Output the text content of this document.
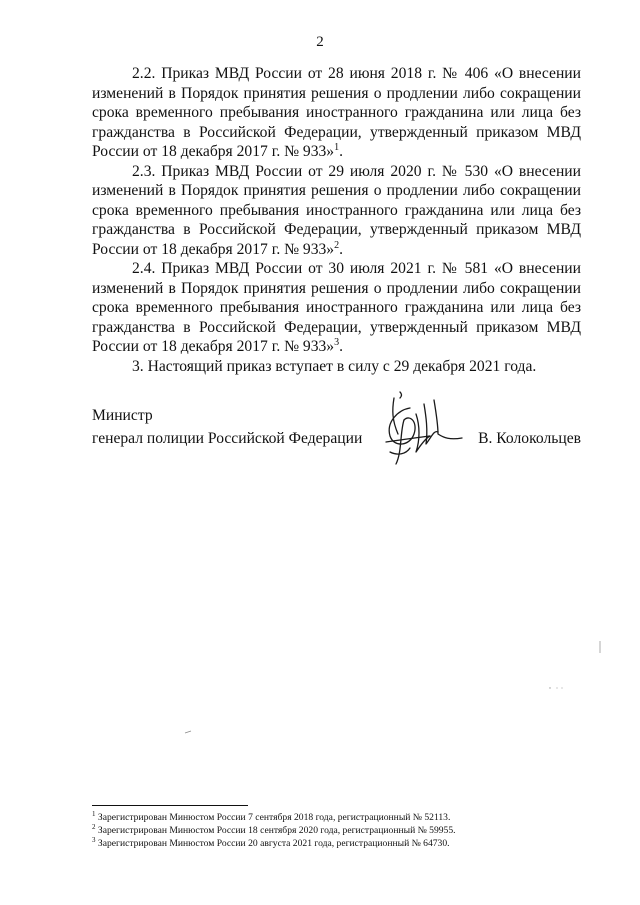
2

2.2. Приказ МВД России от 28 июня 2018 г. № 406 «О внесении изменений в Порядок принятия решения о продлении либо сокращении срока временного пребывания иностранного гражданина или лица без гражданства в Российской Федерации, утвержденный приказом МВД России от 18 декабря 2017 г. № 933»$^1$.

2.3. Приказ МВД России от 29 июля 2020 г. № 530 «О внесении изменений в Порядок принятия решения о продлении либо сокращении срока временного пребывания иностранного гражданина или лица без гражданства в Российской Федерации, утвержденный приказом МВД России от 18 декабря 2017 г. № 933»$^2$.

2.4. Приказ МВД России от 30 июля 2021 г. № 581 «О внесении изменений в Порядок принятия решения о продлении либо сокращении срока временного пребывания иностранного гражданина или лица без гражданства в Российской Федерации, утвержденный приказом МВД России от 18 декабря 2017 г. № 933»$^3$.

3. Настоящий приказ вступает в силу с 29 декабря 2021 года.

Министр
генерал полиции Российской Федерации	В. Колокольцев

$^1$ Зарегистрирован Минюстом России 7 сентября 2018 года, регистрационный № 52113.

$^2$ Зарегистрирован Минюстом России 18 сентября 2020 года, регистрационный № 59955.

$^3$ Зарегистрирован Минюстом России 20 августа 2021 года, регистрационный № 64730.
